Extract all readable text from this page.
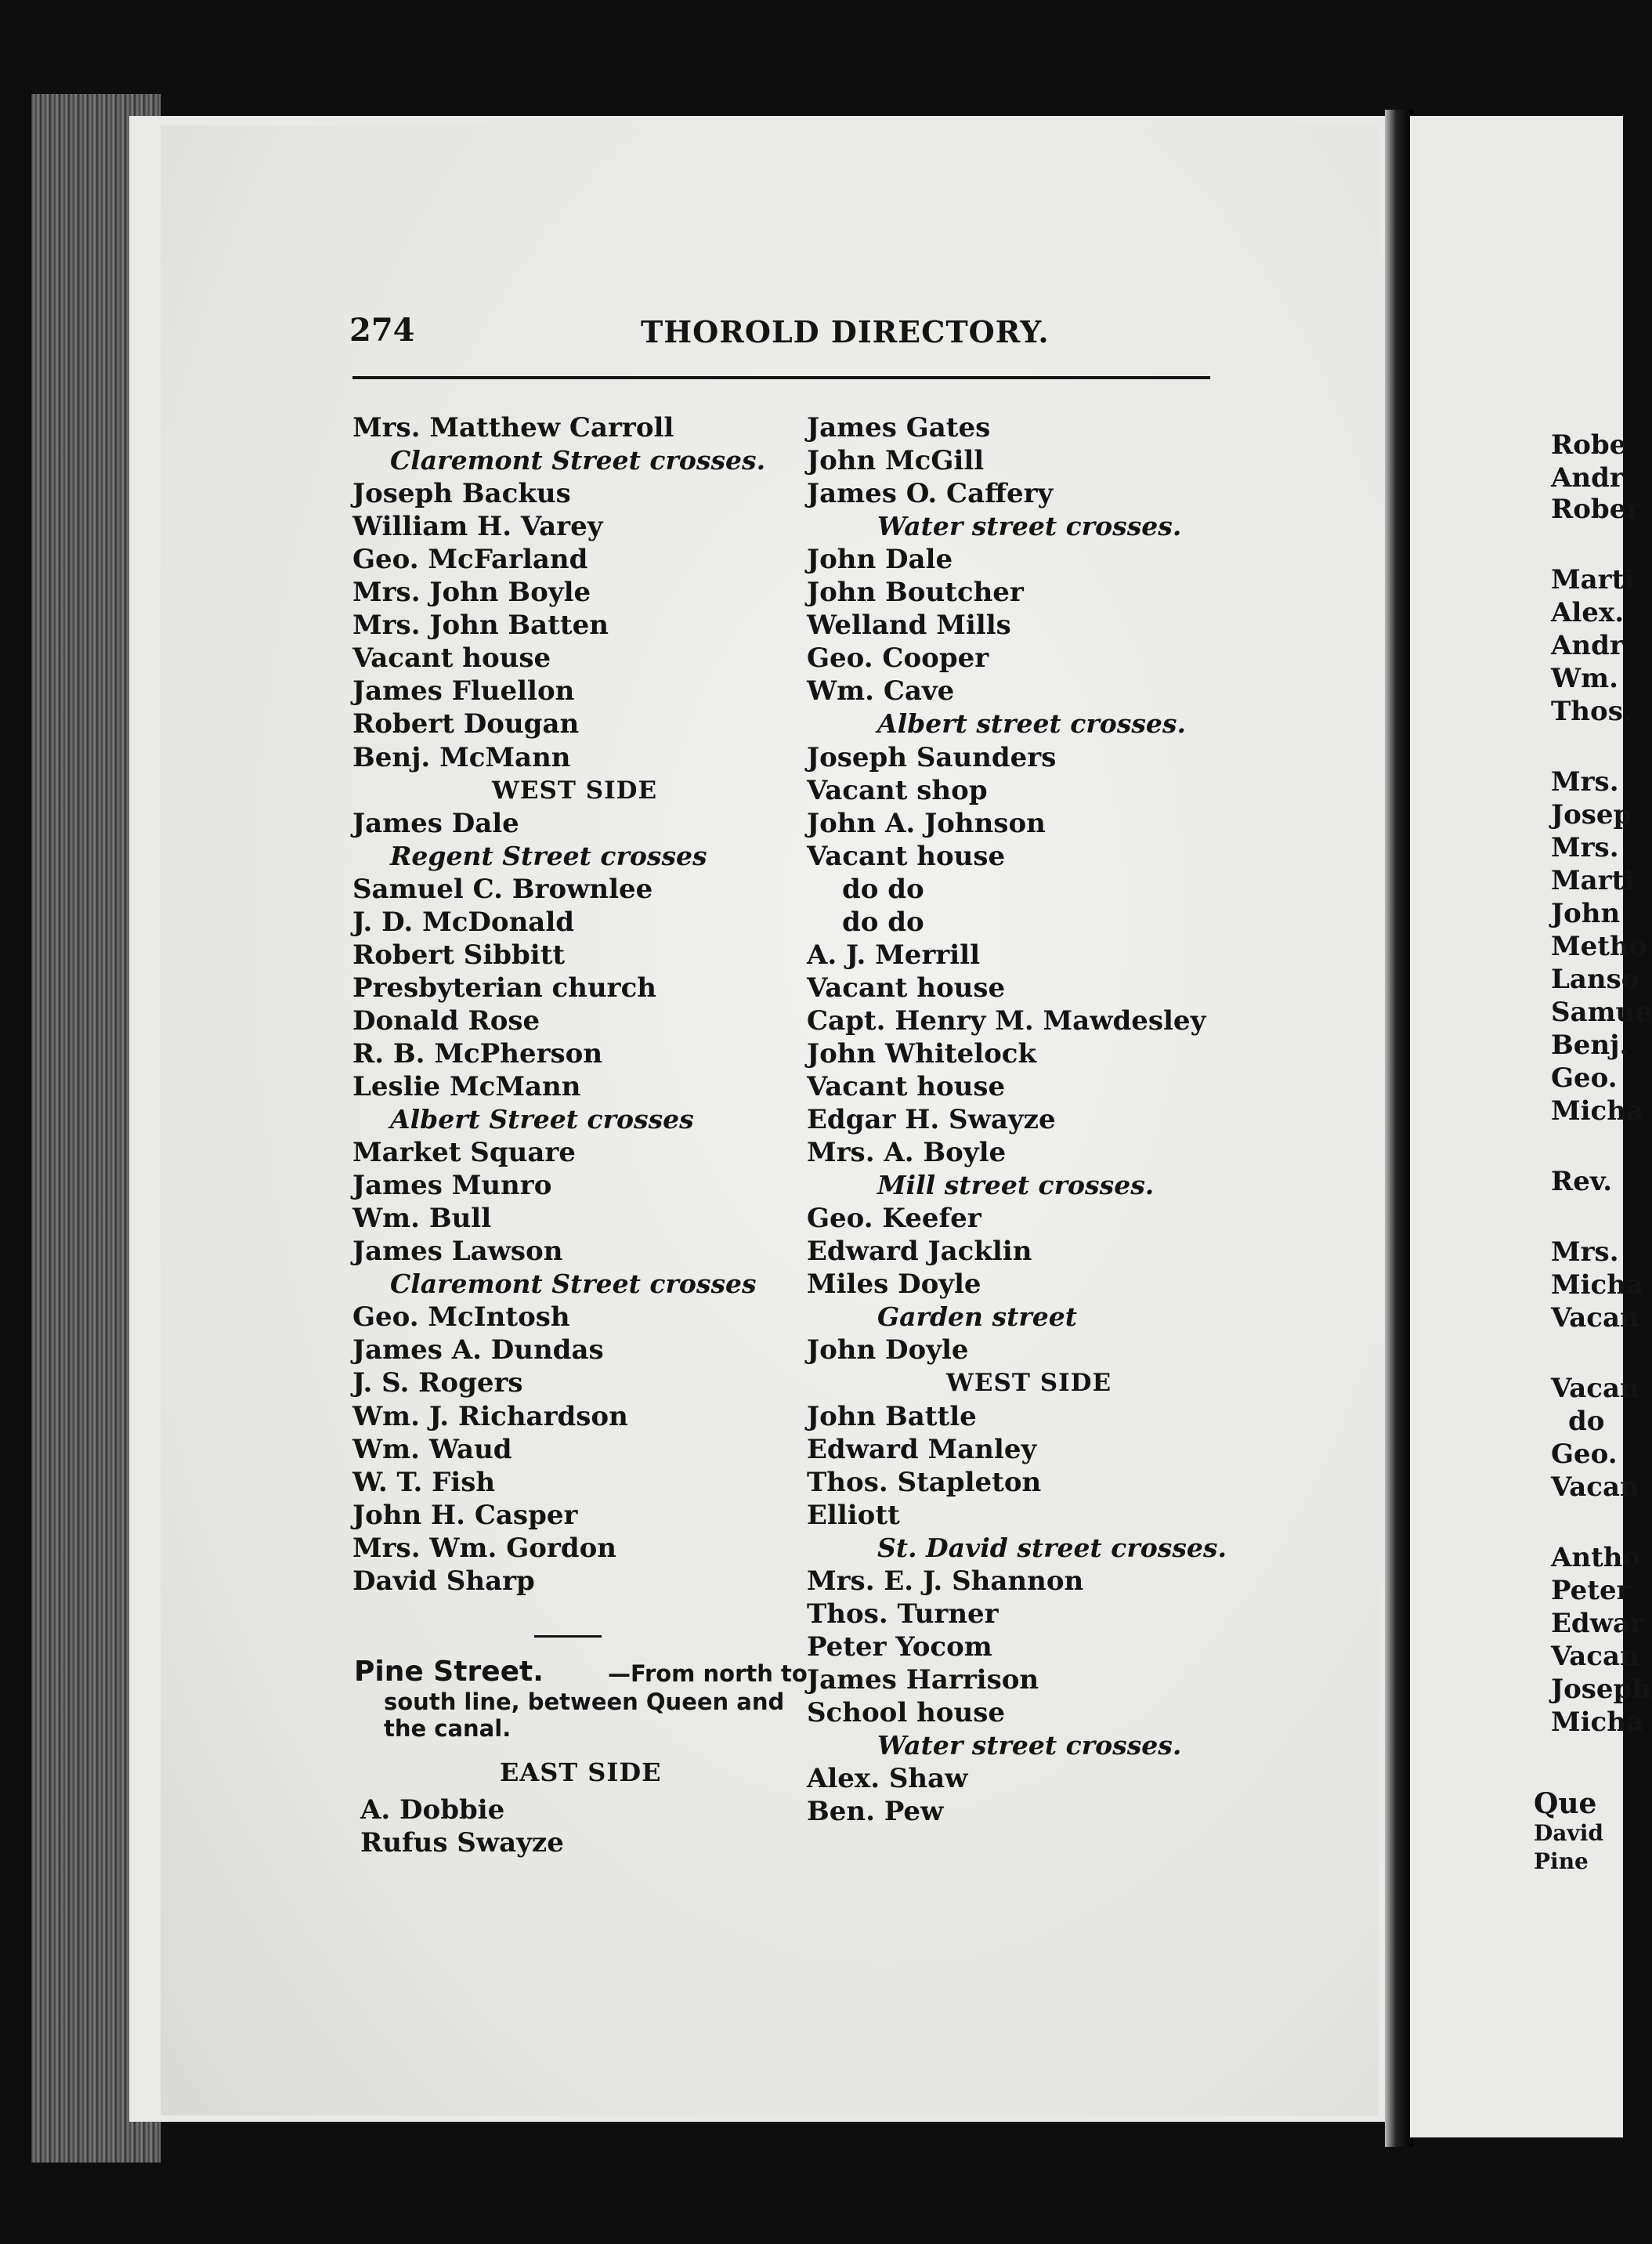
274	THOROLD DIRECTORY.
Mrs. Matthew Carroll
Claremont Street crosses.
Joseph Backus
William H. Varey
Geo. McFarland
Mrs. John Boyle
Mrs. John Batten
Vacant house
James Fluellon
Robert Dougan
Benj. McMann
WEST SIDE
James Dale
Regent Street crosses
Samuel C. Brownlee
J. D. McDonald
Robert Sibbitt
Presbyterian church
Donald Rose
R. B. McPherson
Leslie McMann
Albert Street crosses
Market Square
James Munro
Wm. Bull
James Lawson
Claremont Street crosses
Geo. McIntosh
James A. Dundas
J. S. Rogers
Wm. J. Richardson
Wm. Waud
W. T. Fish
John H. Casper
Mrs. Wm. Gordon
David Sharp
James Gates
John McGill
James O. Caffery
Water street crosses.
John Dale
John Boutcher
Welland Mills
Geo. Cooper
Wm. Cave
Albert street crosses.
Joseph Saunders
Vacant shop
John A. Johnson
Vacant house
do do
do do
A. J. Merrill
Vacant house
Capt. Henry M. Mawdesley
John Whitelock
Vacant house
Edgar H. Swayze
Mrs. A. Boyle
Mill street crosses.
Geo. Keefer
Edward Jacklin
Miles Doyle
Garden street
John Doyle
WEST SIDE
John Battle
Edward Manley
Thos. Stapleton
Elliott
St. David street crosses.
Mrs. E. J. Shannon
Thos. Turner
Peter Yocom
James Harrison
School house
Water street crosses.
Alex. Shaw
Ben. Pew
Pine Street.	—From north to
south line, between Queen and
the canal.
EAST SIDE
A. Dobbie
Rufus Swayze
Robe
Andr
Rober
Marti
Alex.
Andr
Wm.
Thos.
Mrs.
Josep
Mrs.
Marti
John
Metho
Lanso
Samue
Benj.
Geo.
Micha
Rev.
Mrs.
Micha
Vacan
Vacan
do
Geo.
Vacan
Antho
Peter
Edwar
Vacan
Joseph
Micha
Que
David
Pine
